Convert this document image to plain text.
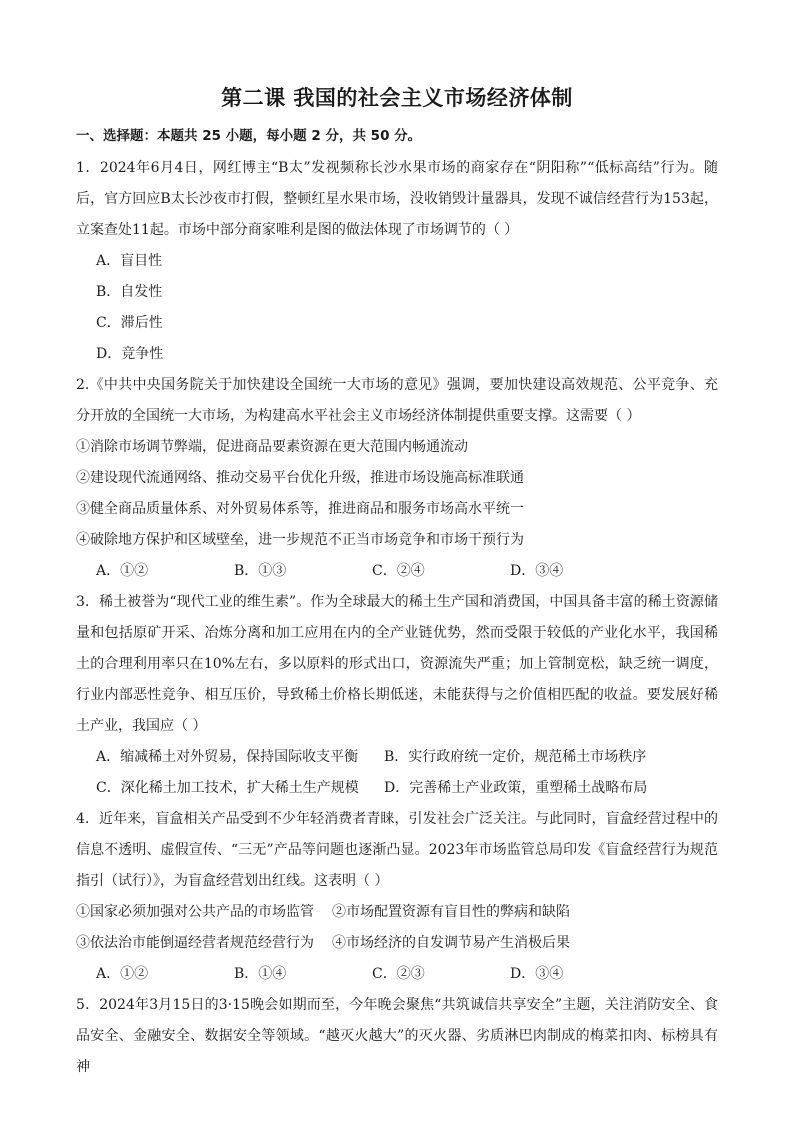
第二课 我国的社会主义市场经济体制
一、选择题：本题共 25 小题，每小题 2 分，共 50 分。

1．2024年6月4日，网红博主“B太”发视频称长沙水果市场的商家存在“阴阳称”“低标高结”行为。随后，官方回应B太长沙夜市打假，整顿红星水果市场，没收销毁计量器具，发现不诚信经营行为153起，立案查处11起。市场中部分商家唯利是图的做法体现了市场调节的（ ）

A．盲目性

B．自发性

C．滞后性

D．竞争性

2.《中共中央国务院关于加快建设全国统一大市场的意见》强调，要加快建设高效规范、公平竞争、充分开放的全国统一大市场，为构建高水平社会主义市场经济体制提供重要支撑。这需要（ ）

①消除市场调节弊端，促进商品要素资源在更大范围内畅通流动

②建设现代流通网络、推动交易平台优化升级，推进市场设施高标准联通

③健全商品质量体系、对外贸易体系等，推进商品和服务市场高水平统一

④破除地方保护和区域壁垒，进一步规范不正当市场竞争和市场干预行为

A．①②	B．①③	C．②④	D．③④

3．稀土被誉为“现代工业的维生素”。作为全球最大的稀土生产国和消费国，中国具备丰富的稀土资源储量和包括原矿开采、冶炼分离和加工应用在内的全产业链优势，然而受限于较低的产业化水平，我国稀土的合理利用率只在10%左右，多以原料的形式出口，资源流失严重；加上管制宽松，缺乏统一调度，行业内部恶性竞争、相互压价，导致稀土价格长期低迷，未能获得与之价值相匹配的收益。要发展好稀土产业，我国应（ ）

A．缩减稀土对外贸易，保持国际收支平衡 B．实行政府统一定价，规范稀土市场秩序
C．深化稀土加工技术，扩大稀土生产规模 D．完善稀土产业政策，重塑稀土战略布局

4．近年来，盲盒相关产品受到不少年轻消费者青睐，引发社会广泛关注。与此同时，盲盒经营过程中的信息不透明、虚假宣传、“三无”产品等问题也逐渐凸显。2023年市场监管总局印发《盲盒经营行为规范指引（试行）》，为盲盒经营划出红线。这表明（ ）

①国家必须加强对公共产品的市场监管 ②市场配置资源有盲目性的弊病和缺陷
③依法治市能倒逼经营者规范经营行为 ④市场经济的自发调节易产生消极后果
A．①②	B．①④	C．②③	D．③④

5．2024年3月15日的3·15晚会如期而至，今年晚会聚焦“共筑诚信共享安全”主题，关注消防安全、食品安全、金融安全、数据安全等领域。“越灭火越大”的灭火器、劣质淋巴肉制成的梅菜扣肉、标榜具有神
